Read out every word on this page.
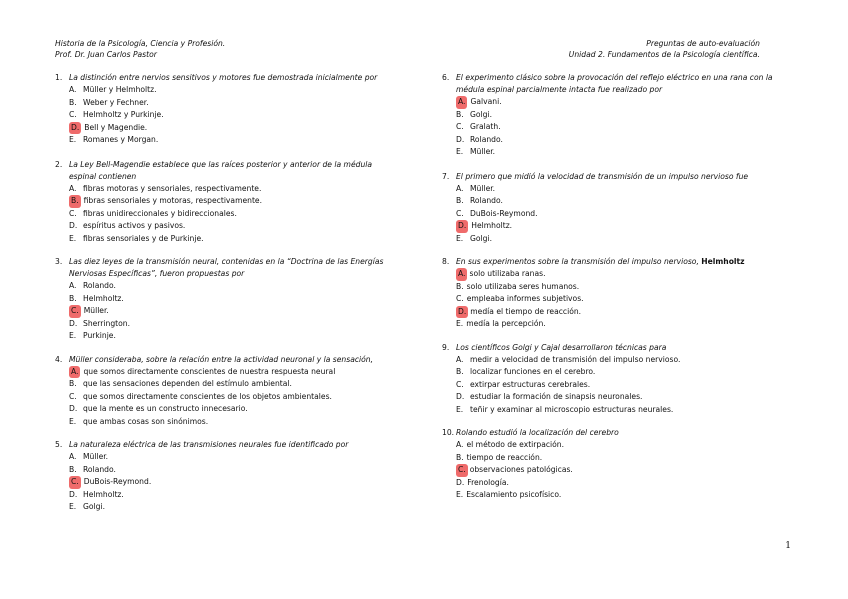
Historia de la Psicología, Ciencia y Profesión.
Prof. Dr. Juan Carlos Pastor
Preguntas de auto-evaluación
Unidad 2. Fundamentos de la Psicología científica.
1. La distinción entre nervios sensitivos y motores fue demostrada inicialmente por
A. Müller y Helmholtz.
B. Weber y Fechner.
C. Helmholtz y Purkinje.
D. Bell y Magendie.
E. Romanes y Morgan.
2. La Ley Bell-Magendie establece que las raíces posterior y anterior de la médula espinal contienen
A. fibras motoras y sensoriales, respectivamente.
B. fibras sensoriales y motoras, respectivamente.
C. fibras unidireccionales y bidireccionales.
D. espíritus activos y pasivos.
E. fibras sensoriales y de Purkinje.
3. Las diez leyes de la transmisión neural, contenidas en la “Doctrina de las Energías Nerviosas Específicas”, fueron propuestas por
A. Rolando.
B. Helmholtz.
C. Müller.
D. Sherrington.
E. Purkinje.
4. Müller consideraba, sobre la relación entre la actividad neuronal y la sensación,
A. que somos directamente conscientes de nuestra respuesta neural
B. que las sensaciones dependen del estímulo ambiental.
C. que somos directamente conscientes de los objetos ambientales.
D. que la mente es un constructo innecesario.
E. que ambas cosas son sinónimos.
5. La naturaleza eléctrica de las transmisiones neurales fue identificado por
A. Müller.
B. Rolando.
C. DuBois-Reymond.
D. Helmholtz.
E. Golgi.
6. El experimento clásico sobre la provocación del reflejo eléctrico en una rana con la médula espinal parcialmente intacta fue realizado por
A. Galvani.
B. Golgi.
C. Gralath.
D. Rolando.
E. Müller.
7. El primero que midió la velocidad de transmisión de un impulso nervioso fue
A. Müller.
B. Rolando.
C. DuBois-Reymond.
D. Helmholtz.
E. Golgi.
8. En sus experimentos sobre la transmisión del impulso nervioso, Helmholtz
A. solo utilizaba ranas.
B. solo utilizaba seres humanos.
C. empleaba informes subjetivos.
D. medía el tiempo de reacción.
E. medía la percepción.
9. Los científicos Golgi y Cajal desarrollaron técnicas para
A. medir a velocidad de transmisión del impulso nervioso.
B. localizar funciones en el cerebro.
C. extirpar estructuras cerebrales.
D. estudiar la formación de sinapsis neuronales.
E. teñir y examinar al microscopio estructuras neurales.
10. Rolando estudió la localización del cerebro
A. el método de extirpación.
B. tiempo de reacción.
C. observaciones patológicas.
D. Frenología.
E. Escalamiento psicofísico.
1
